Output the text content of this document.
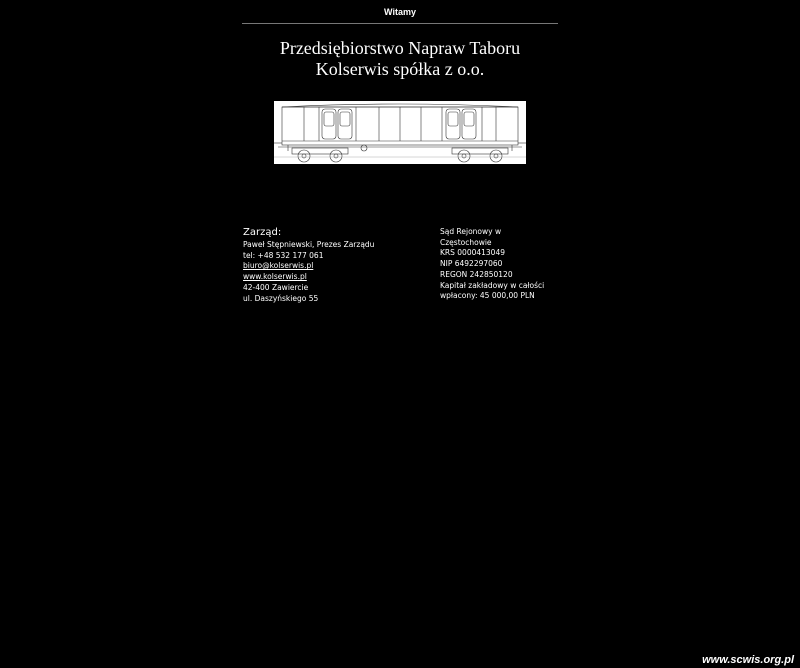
Witamy
Przedsiębiorstwo Napraw Taboru
Kolserwis spółka z o.o.
Zarząd:
Paweł Stępniewski, Prezes Zarządu
tel: +48 532 177 061
biuro@kolserwis.pl
www.kolserwis.pl
42-400 Zawiercie
ul. Daszyńskiego 55
Sąd Rejonowy w
Częstochowie
KRS 0000413049
NIP 6492297060
REGON 242850120
Kapitał zakładowy w całości
wpłacony: 45 000,00 PLN
www.scwis.org.pl
